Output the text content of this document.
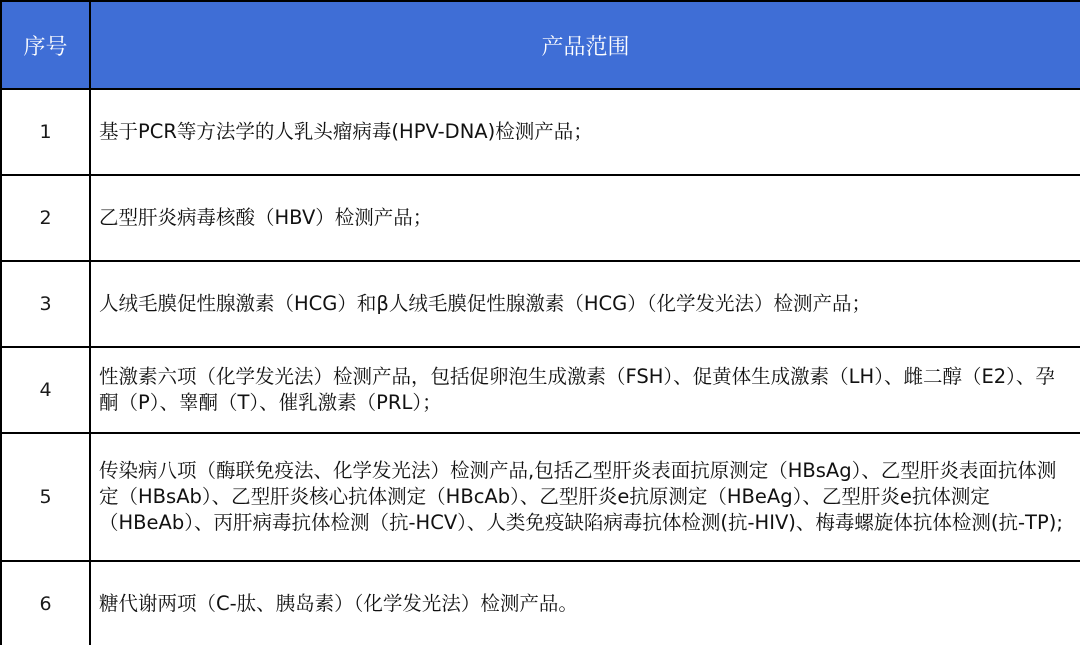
序号	产品范围
1	基于PCR等方法学的人乳头瘤病毒(HPV-DNA)检测产品；
2	乙型肝炎病毒核酸（HBV）检测产品；
3	人绒毛膜促性腺激素（HCG）和β人绒毛膜促性腺激素（HCG）（化学发光法）检测产品；
4	性激素六项（化学发光法）检测产品，包括促卵泡生成激素（FSH）、促黄体生成激素（LH）、雌二醇（E2）、孕酮（P）、睾酮（T）、催乳激素（PRL）；
5	传染病八项（酶联免疫法、化学发光法）检测产品,包括乙型肝炎表面抗原测定（HBsAg）、乙型肝炎表面抗体测定（HBsAb）、乙型肝炎核心抗体测定（HBcAb）、乙型肝炎e抗原测定（HBeAg）、乙型肝炎e抗体测定（HBeAb）、丙肝病毒抗体检测（抗-HCV）、人类免疫缺陷病毒抗体检测(抗-HIV)、梅毒螺旋体抗体检测(抗-TP);
6	糖代谢两项（C-肽、胰岛素）（化学发光法）检测产品。
